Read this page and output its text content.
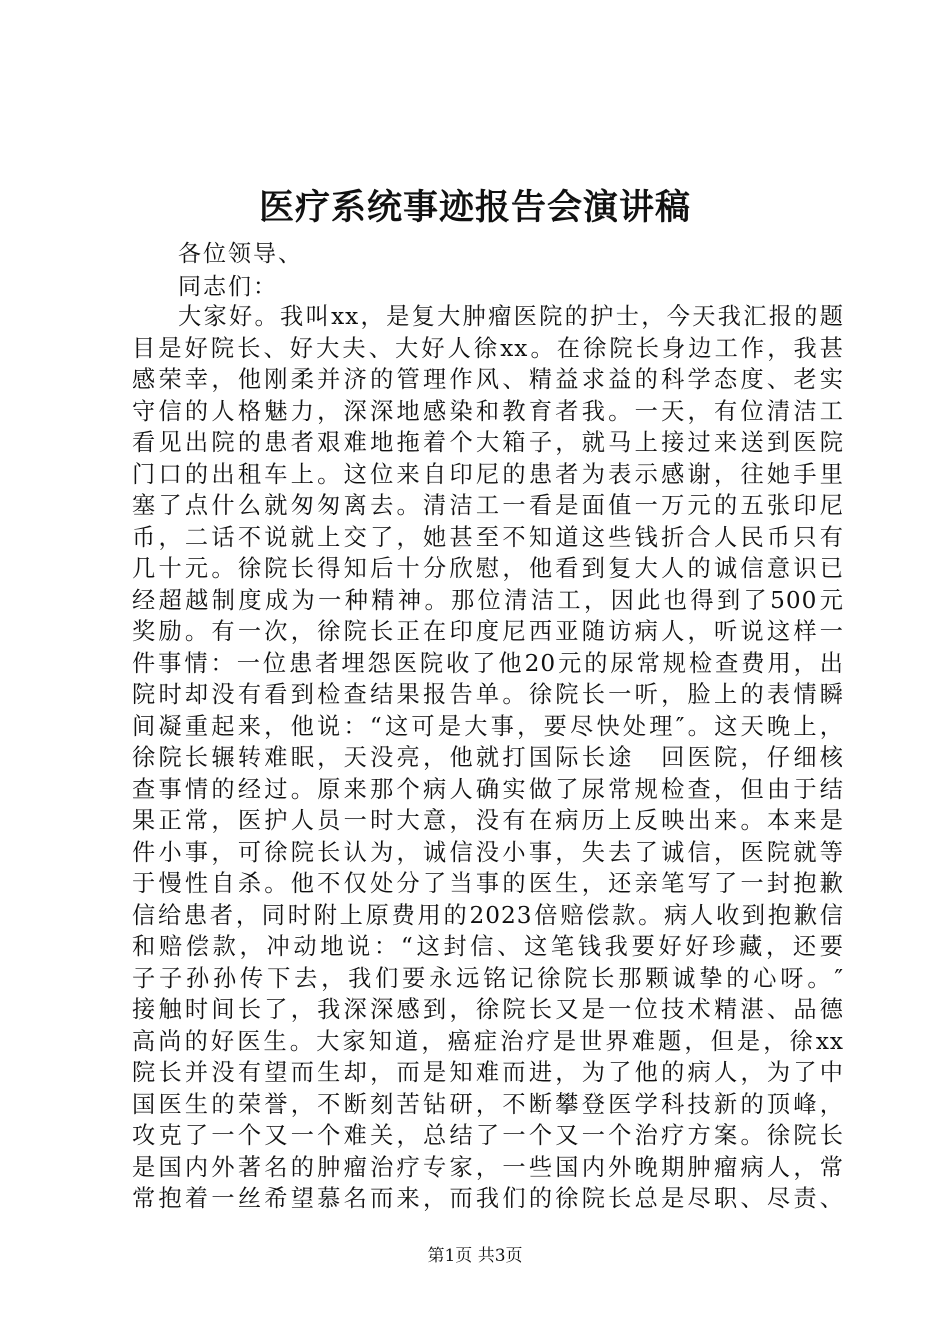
医疗系统事迹报告会演讲稿
各位领导、
同志们：
大家好。我叫xx，是复大肿瘤医院的护士，今天我汇报的题
目是好院长、好大夫、大好人徐xx。在徐院长身边工作，我甚
感荣幸，他刚柔并济的管理作风、精益求益的科学态度、老实
守信的人格魅力，深深地感染和教育者我。一天，有位清洁工
看见出院的患者艰难地拖着个大箱子，就马上接过来送到医院
门口的出租车上。这位来自印尼的患者为表示感谢，往她手里
塞了点什么就匆匆离去。清洁工一看是面值一万元的五张印尼
币，二话不说就上交了，她甚至不知道这些钱折合人民币只有
几十元。徐院长得知后十分欣慰，他看到复大人的诚信意识已
经超越制度成为一种精神。那位清洁工，因此也得到了500元
奖励。有一次，徐院长正在印度尼西亚随访病人，听说这样一
件事情：一位患者埋怨医院收了他20元的尿常规检查费用，出
院时却没有看到检查结果报告单。徐院长一听，脸上的表情瞬
间凝重起来，他说：“这可是大事，要尽快处理″。这天晚上，
徐院长辗转难眠，天没亮，他就打国际长途　回医院，仔细核
查事情的经过。原来那个病人确实做了尿常规检查，但由于结
果正常，医护人员一时大意，没有在病历上反映出来。本来是
件小事，可徐院长认为，诚信没小事，失去了诚信，医院就等
于慢性自杀。他不仅处分了当事的医生，还亲笔写了一封抱歉
信给患者，同时附上原费用的2023倍赔偿款。病人收到抱歉信
和赔偿款，冲动地说：“这封信、这笔钱我要好好珍藏，还要
子子孙孙传下去，我们要永远铭记徐院长那颗诚挚的心呀。″
接触时间长了，我深深感到，徐院长又是一位技术精湛、品德
高尚的好医生。大家知道，癌症治疗是世界难题，但是，徐xx
院长并没有望而生却，而是知难而进，为了他的病人，为了中
国医生的荣誉，不断刻苦钻研，不断攀登医学科技新的顶峰，
攻克了一个又一个难关，总结了一个又一个治疗方案。徐院长
是国内外著名的肿瘤治疗专家，一些国内外晚期肿瘤病人，常
常抱着一丝希望慕名而来，而我们的徐院长总是尽职、尽责、
第1页 共3页
